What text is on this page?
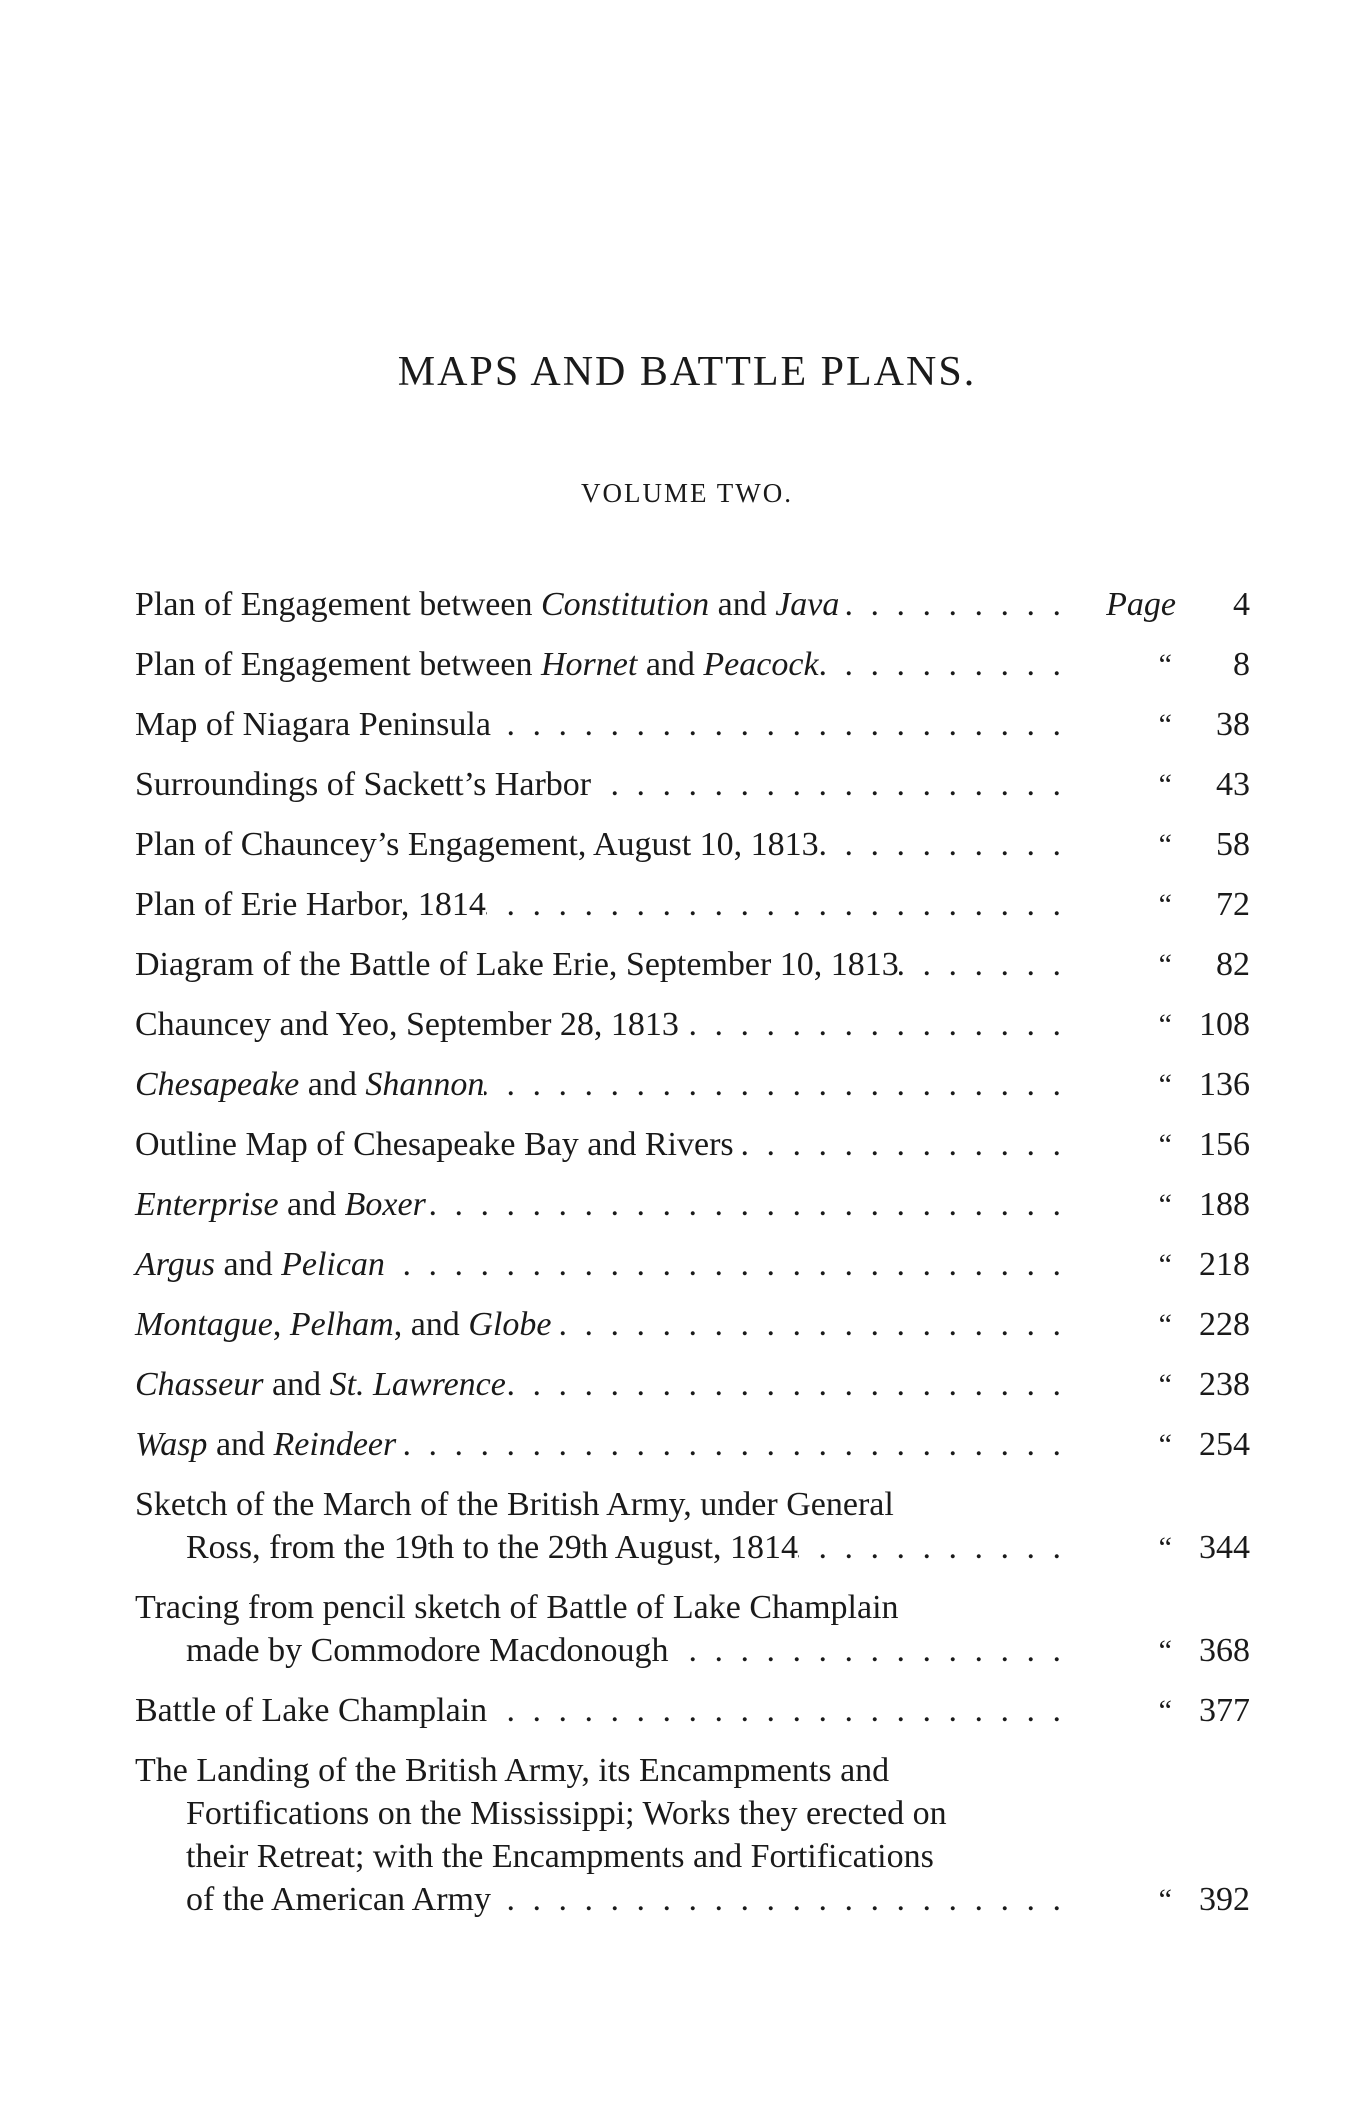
MAPS AND BATTLE PLANS.
VOLUME TWO.
Plan of Engagement between Constitution and Java . . .	Page 4
Plan of Engagement between Hornet and Peacock . . .	“ 8
Map of Niagara Peninsula . . .	“ 38
Surroundings of Sackett’s Harbor . . .	“ 43
Plan of Chauncey’s Engagement, August 10, 1813 . . .	“ 58
Plan of Erie Harbor, 1814 . . .	“ 72
Diagram of the Battle of Lake Erie, September 10, 1813 . . .	“ 82
Chauncey and Yeo, September 28, 1813 . . .	“ 108
Chesapeake and Shannon . . .	“ 136
Outline Map of Chesapeake Bay and Rivers . . .	“ 156
Enterprise and Boxer . . .	“ 188
Argus and Pelican . . .	“ 218
Montague, Pelham, and Globe . . .	“ 228
Chasseur and St. Lawrence . . .	“ 238
Wasp and Reindeer . . .	“ 254
Sketch of the March of the British Army, under General
Ross, from the 19th to the 29th August, 1814 . . .	“ 344
Tracing from pencil sketch of Battle of Lake Champlain
made by Commodore Macdonough . . .	“ 368
Battle of Lake Champlain . . .	“ 377
The Landing of the British Army, its Encampments and
Fortifications on the Mississippi; Works they erected on
their Retreat; with the Encampments and Fortifications
of the American Army . . .	“ 392
